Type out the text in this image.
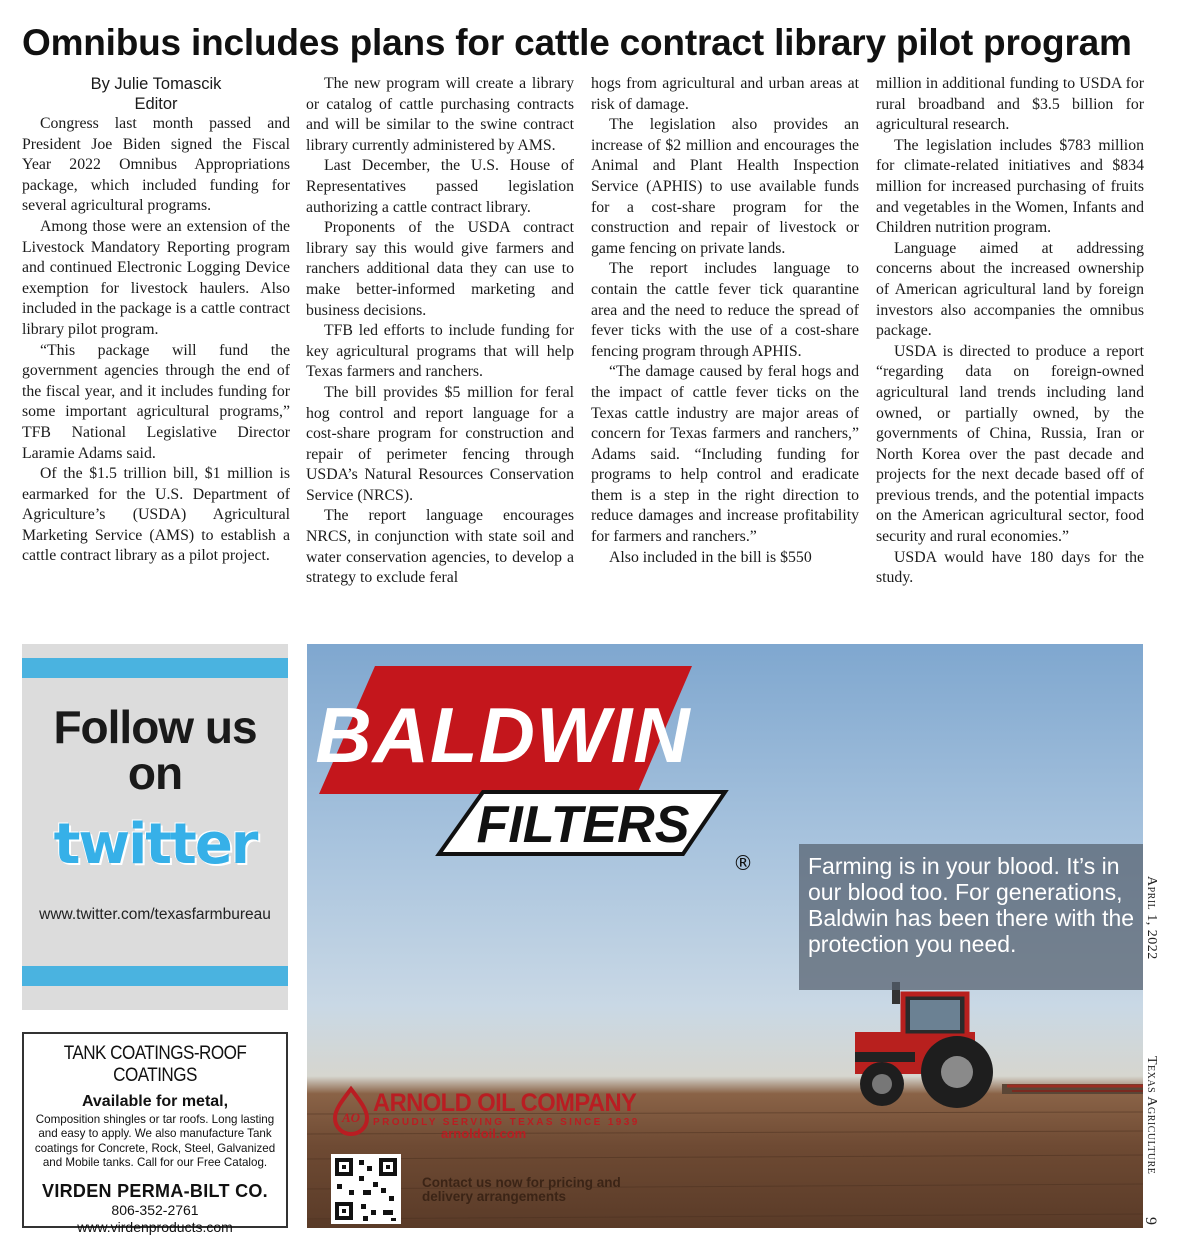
Omnibus includes plans for cattle contract library pilot program
By Julie Tomascik
Editor

Congress last month passed and President Joe Biden signed the Fiscal Year 2022 Omnibus Appropriations package, which included funding for several agricultural programs.

Among those were an extension of the Livestock Mandatory Reporting program and continued Electronic Logging Device exemption for livestock haulers. Also included in the package is a cattle contract library pilot program.

“This package will fund the government agencies through the end of the fiscal year, and it includes funding for some important agricultural programs,” TFB National Legislative Director Laramie Adams said.

Of the $1.5 trillion bill, $1 million is earmarked for the U.S. Department of Agriculture’s (USDA) Agricultural Marketing Service (AMS) to establish a cattle contract library as a pilot project.

The new program will create a library or catalog of cattle purchasing contracts and will be similar to the swine contract library currently administered by AMS.

Last December, the U.S. House of Representatives passed legislation authorizing a cattle contract library.

Proponents of the USDA contract library say this would give farmers and ranchers additional data they can use to make better-informed marketing and business decisions.

TFB led efforts to include funding for key agricultural programs that will help Texas farmers and ranchers.

The bill provides $5 million for feral hog control and report language for a cost-share program for construction and repair of perimeter fencing through USDA’s Natural Resources Conservation Service (NRCS).

The report language encourages NRCS, in conjunction with state soil and water conservation agencies, to develop a strategy to exclude feral

hogs from agricultural and urban areas at risk of damage.

The legislation also provides an increase of $2 million and encourages the Animal and Plant Health Inspection Service (APHIS) to use available funds for a cost-share program for the construction and repair of livestock or game fencing on private lands.

The report includes language to contain the cattle fever tick quarantine area and the need to reduce the spread of fever ticks with the use of a cost-share fencing program through APHIS.

“The damage caused by feral hogs and the impact of cattle fever ticks on the Texas cattle industry are major areas of concern for Texas farmers and ranchers,” Adams said. “Including funding for programs to help control and eradicate them is a step in the right direction to reduce damages and increase profitability for farmers and ranchers.”

Also included in the bill is $550

million in additional funding to USDA for rural broadband and $3.5 billion for agricultural research.

The legislation includes $783 million for climate-related initiatives and $834 million for increased purchasing of fruits and vegetables in the Women, Infants and Children nutrition program.

Language aimed at addressing concerns about the increased ownership of American agricultural land by foreign investors also accompanies the omnibus package.

USDA is directed to produce a report “regarding data on foreign-owned agricultural land trends including land owned, or partially owned, by the governments of China, Russia, Iran or North Korea over the past decade and projects for the next decade based off of previous trends, and the potential impacts on the American agricultural sector, food security and rural economies.”

USDA would have 180 days for the study.

Follow us
on
twitter
www.twitter.com/texasfarmbureau
TANK COATINGS-ROOF COATINGS
Available for metal,
Composition shingles or tar roofs. Long lasting and easy to apply. We also manufacture Tank coatings for Concrete, Rock, Steel, Galvanized and Mobile tanks. Call for our Free Catalog.
VIRDEN PERMA-BILT CO.
806-352-2761
www.virdenproducts.com
BALDWIN
FILTERS
®
AO
Farming is in your blood. It’s in our blood too. For generations, Baldwin has been there with the protection you need.
ARNOLD OIL COMPANY
PROUDLY SERVING TEXAS SINCE 1939
arnoldoil.com
Contact us now for pricing and delivery arrangements
April 1, 2022
Texas Agriculture
9
